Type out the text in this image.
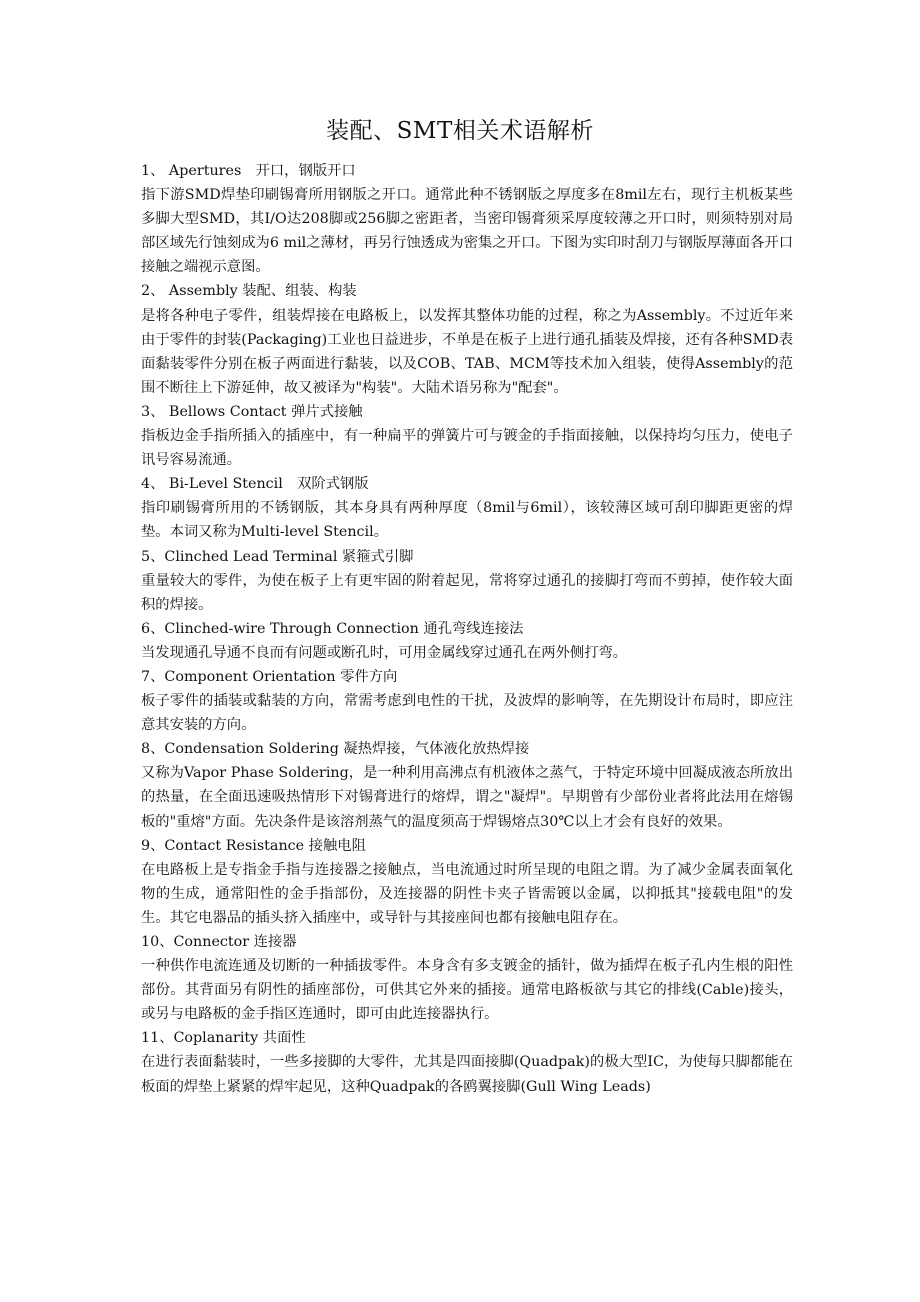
装配、SMT相关术语解析

1、 Apertures　开口，钢版开口

指下游SMD焊垫印刷锡膏所用钢版之开口。通常此种不锈钢版之厚度多在8mil左右，现行主机板某些多脚大型SMD，其I/O达208脚或256脚之密距者，当密印锡膏须采厚度较薄之开口时，则须特别对局部区域先行蚀刻成为6 mil之薄材，再另行蚀透成为密集之开口。下图为实印时刮刀与钢版厚薄面各开口接触之端视示意图。

2、 Assembly 装配、组装、构装

是将各种电子零件，组装焊接在电路板上，以发挥其整体功能的过程，称之为Assembly。不过近年来由于零件的封装(Packaging)工业也日益进步，不单是在板子上进行通孔插装及焊接，还有各种SMD表面黏装零件分别在板子两面进行黏装，以及COB、TAB、MCM等技术加入组装，使得Assembly的范围不断往上下游延伸，故又被译为"构装"。大陆术语另称为"配套"。

3、 Bellows Contact 弹片式接触

指板边金手指所插入的插座中，有一种扁平的弹簧片可与镀金的手指面接触，以保持均匀压力，使电子讯号容易流通。

4、 Bi-Level Stencil　双阶式钢版

指印刷锡膏所用的不锈钢版，其本身具有两种厚度（8mil与6mil），该较薄区域可刮印脚距更密的焊垫。本词又称为Multi-level Stencil。

5、Clinched Lead Terminal 紧箍式引脚

重量较大的零件，为使在板子上有更牢固的附着起见，常将穿过通孔的接脚打弯而不剪掉，使作较大面积的焊接。

6、Clinched-wire Through Connection 通孔弯线连接法

当发现通孔导通不良而有问题或断孔时，可用金属线穿过通孔在两外侧打弯。

7、Component Orientation 零件方向

板子零件的插装或黏装的方向，常需考虑到电性的干扰，及波焊的影响等，在先期设计布局时，即应注意其安装的方向。

8、Condensation Soldering 凝热焊接，气体液化放热焊接

又称为Vapor Phase Soldering，是一种利用高沸点有机液体之蒸气，于特定环境中回凝成液态所放出的热量，在全面迅速吸热情形下对锡膏进行的熔焊，谓之"凝焊"。早期曾有少部份业者将此法用在熔锡板的"重熔"方面。先决条件是该溶剂蒸气的温度须高于焊锡熔点30℃以上才会有良好的效果。

9、Contact Resistance 接触电阻

在电路板上是专指金手指与连接器之接触点，当电流通过时所呈现的电阻之谓。为了减少金属表面氧化物的生成，通常阳性的金手指部份，及连接器的阴性卡夹子皆需镀以金属，以抑抵其"接载电阻"的发生。其它电器品的插头挤入插座中，或导针与其接座间也都有接触电阻存在。

10、Connector 连接器

一种供作电流连通及切断的一种插拔零件。本身含有多支镀金的插针，做为插焊在板子孔内生根的阳性部份。其背面另有阴性的插座部份，可供其它外来的插接。通常电路板欲与其它的排线(Cable)接头，或另与电路板的金手指区连通时，即可由此连接器执行。

11、Coplanarity 共面性

在进行表面黏装时，一些多接脚的大零件，尤其是四面接脚(Quadpak)的极大型IC，为使每只脚都能在板面的焊垫上紧紧的焊牢起见，这种Quadpak的各鸥翼接脚(Gull Wing Leads)
